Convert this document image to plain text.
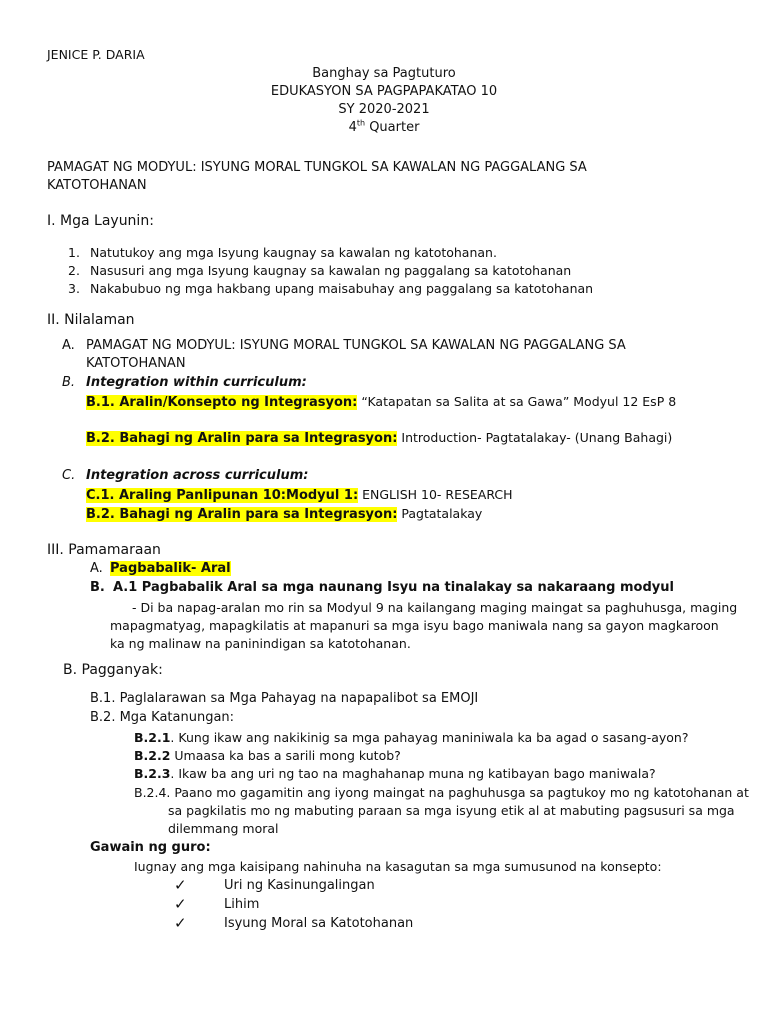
JENICE P. DARIA
Banghay sa Pagtuturo
EDUKASYON SA PAGPAPAKATAO 10
SY 2020-2021
4th Quarter
PAMAGAT NG MODYUL: ISYUNG MORAL TUNGKOL SA KAWALAN NG PAGGALANG SA
KATOTOHANAN
I. Mga Layunin:
1. Natutukoy ang mga Isyung kaugnay sa kawalan ng katotohanan.
2. Nasusuri ang mga Isyung kaugnay sa kawalan ng paggalang sa katotohanan
3. Nakabubuo ng mga hakbang upang maisabuhay ang paggalang sa katotohanan
II. Nilalaman
A. PAMAGAT NG MODYUL: ISYUNG MORAL TUNGKOL SA KAWALAN NG PAGGALANG SA
KATOTOHANAN
B. Integration within curriculum:
B.1. Aralin/Konsepto ng Integrasyon: “Katapatan sa Salita at sa Gawa” Modyul 12 EsP 8
B.2. Bahagi ng Aralin para sa Integrasyon: Introduction- Pagtatalakay- (Unang Bahagi)
C. Integration across curriculum:
C.1. Araling Panlipunan 10:Modyul 1: ENGLISH 10- RESEARCH
B.2. Bahagi ng Aralin para sa Integrasyon: Pagtatalakay
III. Pamamaraan
A. Pagbabalik- Aral
B. A.1 Pagbabalik Aral sa mga naunang Isyu na tinalakay sa nakaraang modyul
- Di ba napag-aralan mo rin sa Modyul 9 na kailangang maging maingat sa paghuhusga, maging
mapagmatyag, mapagkilatis at mapanuri sa mga isyu bago maniwala nang sa gayon magkaroon
ka ng malinaw na paninindigan sa katotohanan.
B. Pagganyak:
B.1. Paglalarawan sa Mga Pahayag na napapalibot sa EMOJI
B.2. Mga Katanungan:
B.2.1. Kung ikaw ang nakikinig sa mga pahayag maniniwala ka ba agad o sasang-ayon?
B.2.2 Umaasa ka bas a sarili mong kutob?
B.2.3. Ikaw ba ang uri ng tao na maghahanap muna ng katibayan bago maniwala?
B.2.4. Paano mo gagamitin ang iyong maingat na paghuhusga sa pagtukoy mo ng katotohanan at
sa pagkilatis mo ng mabuting paraan sa mga isyung etik al at mabuting pagsusuri sa mga
dilemmang moral
Gawain ng guro:
Iugnay ang mga kaisipang nahinuha na kasagutan sa mga sumusunod na konsepto:
✓	Uri ng Kasinungalingan
✓	Lihim
✓	Isyung Moral sa Katotohanan
